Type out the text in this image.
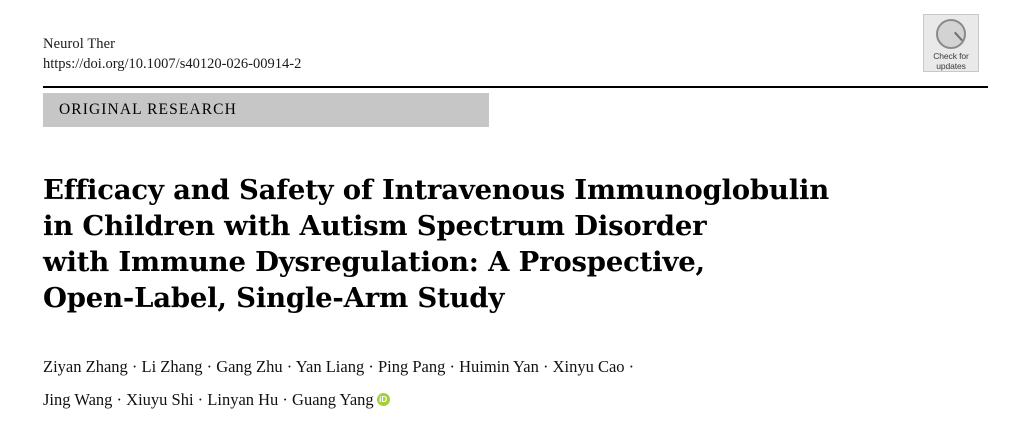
Neurol Ther
https://doi.org/10.1007/s40120-026-00914-2	Check for
updates
ORIGINAL RESEARCH
Efficacy and Safety of Intravenous Immunoglobulin
in Children with Autism Spectrum Disorder
with Immune Dysregulation: A Prospective,
Open-Label, Single-Arm Study
Ziyan Zhang · Li Zhang · Gang Zhu · Yan Liang · Ping Pang · Huimin Yan · Xinyu Cao ·
Jing Wang · Xiuyu Shi · Linyan Hu · Guang YangiD
